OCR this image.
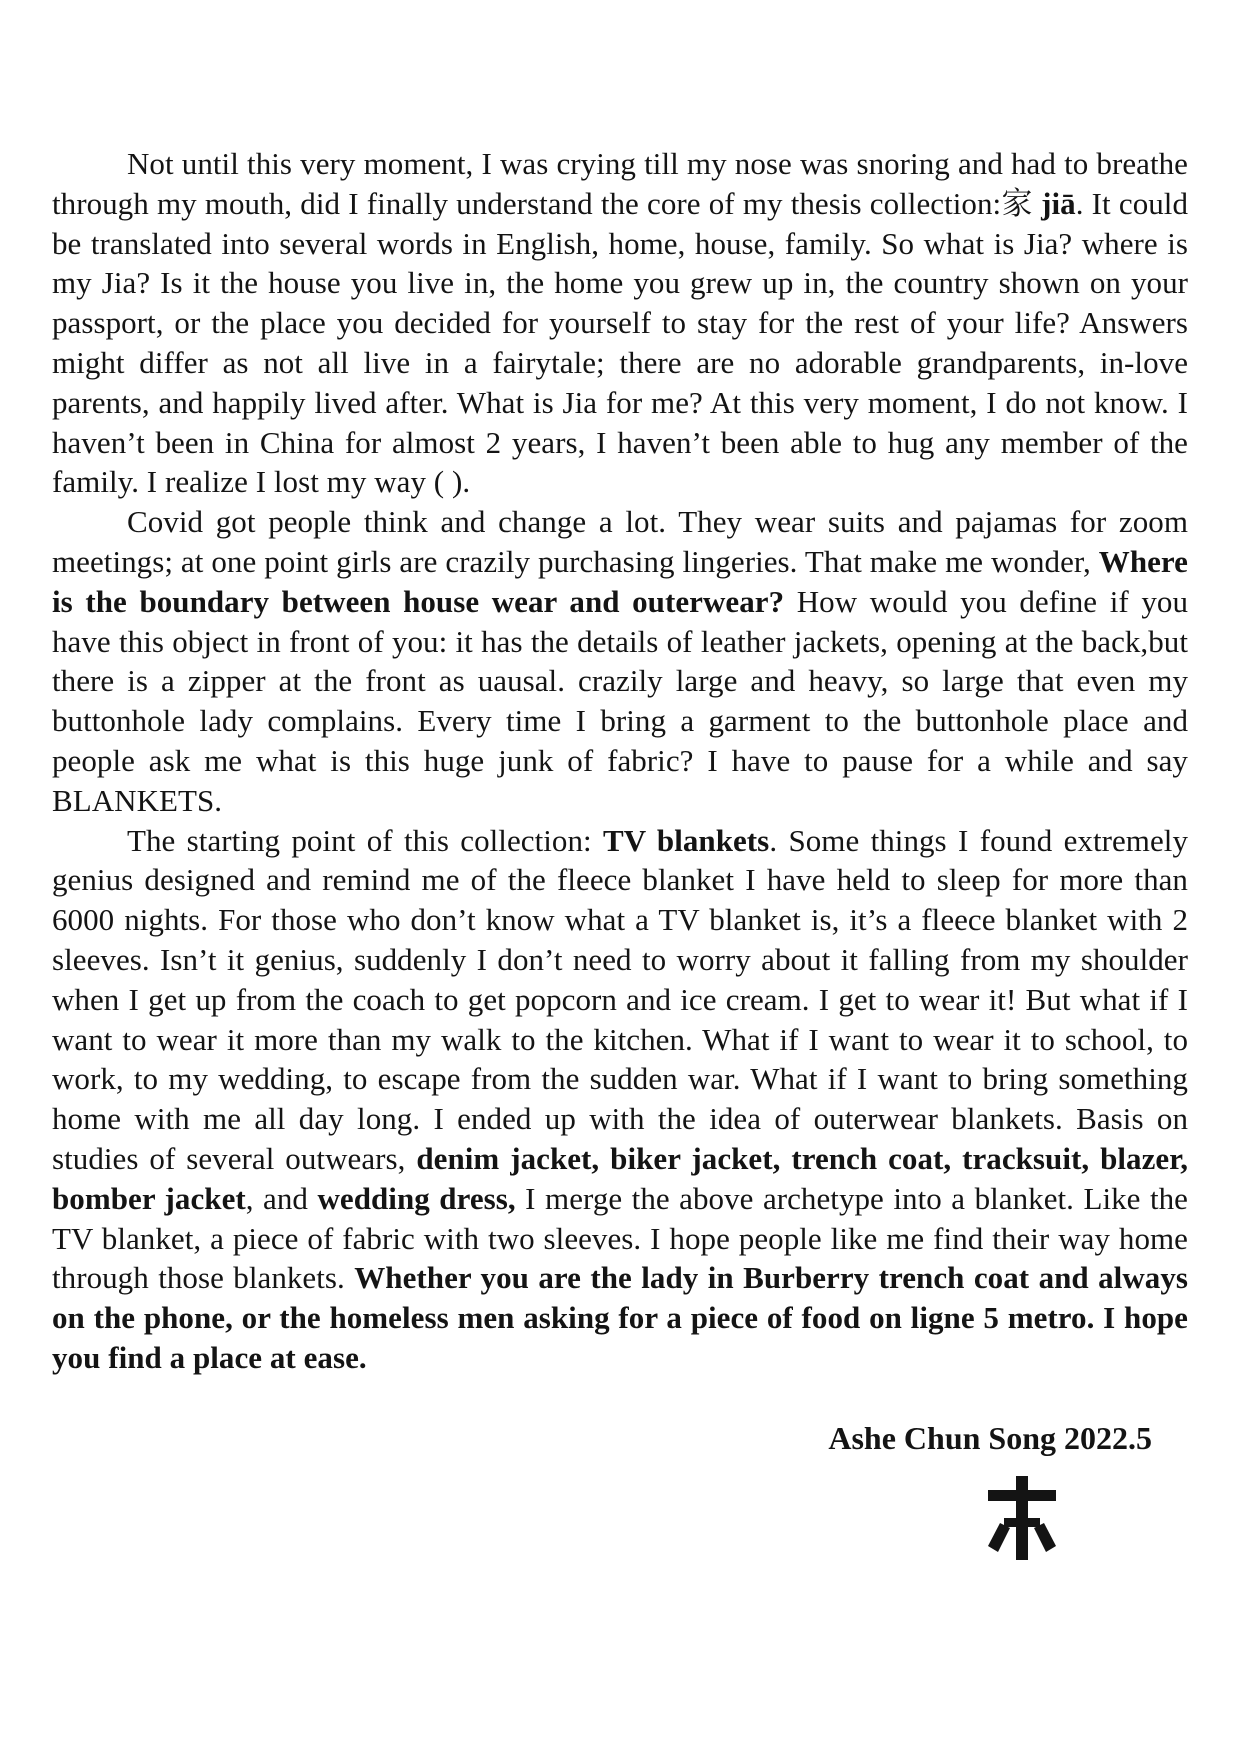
Not until this very moment, I was crying till my nose was snoring and had to breathe through my mouth, did I finally understand the core of my thesis collection:家 jiā. It could be translated into several words in English, home, house, family. So what is Jia? where is my Jia? Is it the house you live in, the home you grew up in, the country shown on your passport, or the place you decided for yourself to stay for the rest of your life? Answers might differ as not all live in a fairytale; there are no adorable grandparents, in-love parents, and happily lived after. What is Jia for me? At this very moment, I do not know. I haven’t been in China for almost 2 years, I haven’t been able to hug any member of the family. I realize I lost my way ( ).

Covid got people think and change a lot. They wear suits and pajamas for zoom meetings; at one point girls are crazily purchasing lingeries. That make me wonder, Where is the boundary between house wear and outerwear? How would you define if you have this object in front of you: it has the details of leather jackets, opening at the back,but there is a zipper at the front as uausal. crazily large and heavy, so large that even my buttonhole lady complains. Every time I bring a garment to the buttonhole place and people ask me what is this huge junk of fabric? I have to pause for a while and say BLANKETS.

The starting point of this collection: TV blankets. Some things I found extremely genius designed and remind me of the fleece blanket I have held to sleep for more than 6000 nights. For those who don’t know what a TV blanket is, it’s a fleece blanket with 2 sleeves. Isn’t it genius, suddenly I don’t need to worry about it falling from my shoulder when I get up from the coach to get popcorn and ice cream. I get to wear it! But what if I want to wear it more than my walk to the kitchen. What if I want to wear it to school, to work, to my wedding, to escape from the sudden war. What if I want to bring something home with me all day long. I ended up with the idea of outerwear blankets. Basis on studies of several outwears, denim jacket, biker jacket, trench coat, tracksuit, blazer, bomber jacket, and wedding dress, I merge the above archetype into a blanket. Like the TV blanket, a piece of fabric with two sleeves. I hope people like me find their way home through those blankets. Whether you are the lady in Burberry trench coat and always on the phone, or the homeless men asking for a piece of food on ligne 5 metro. I hope you find a place at ease.

Ashe Chun Song 2022.5
